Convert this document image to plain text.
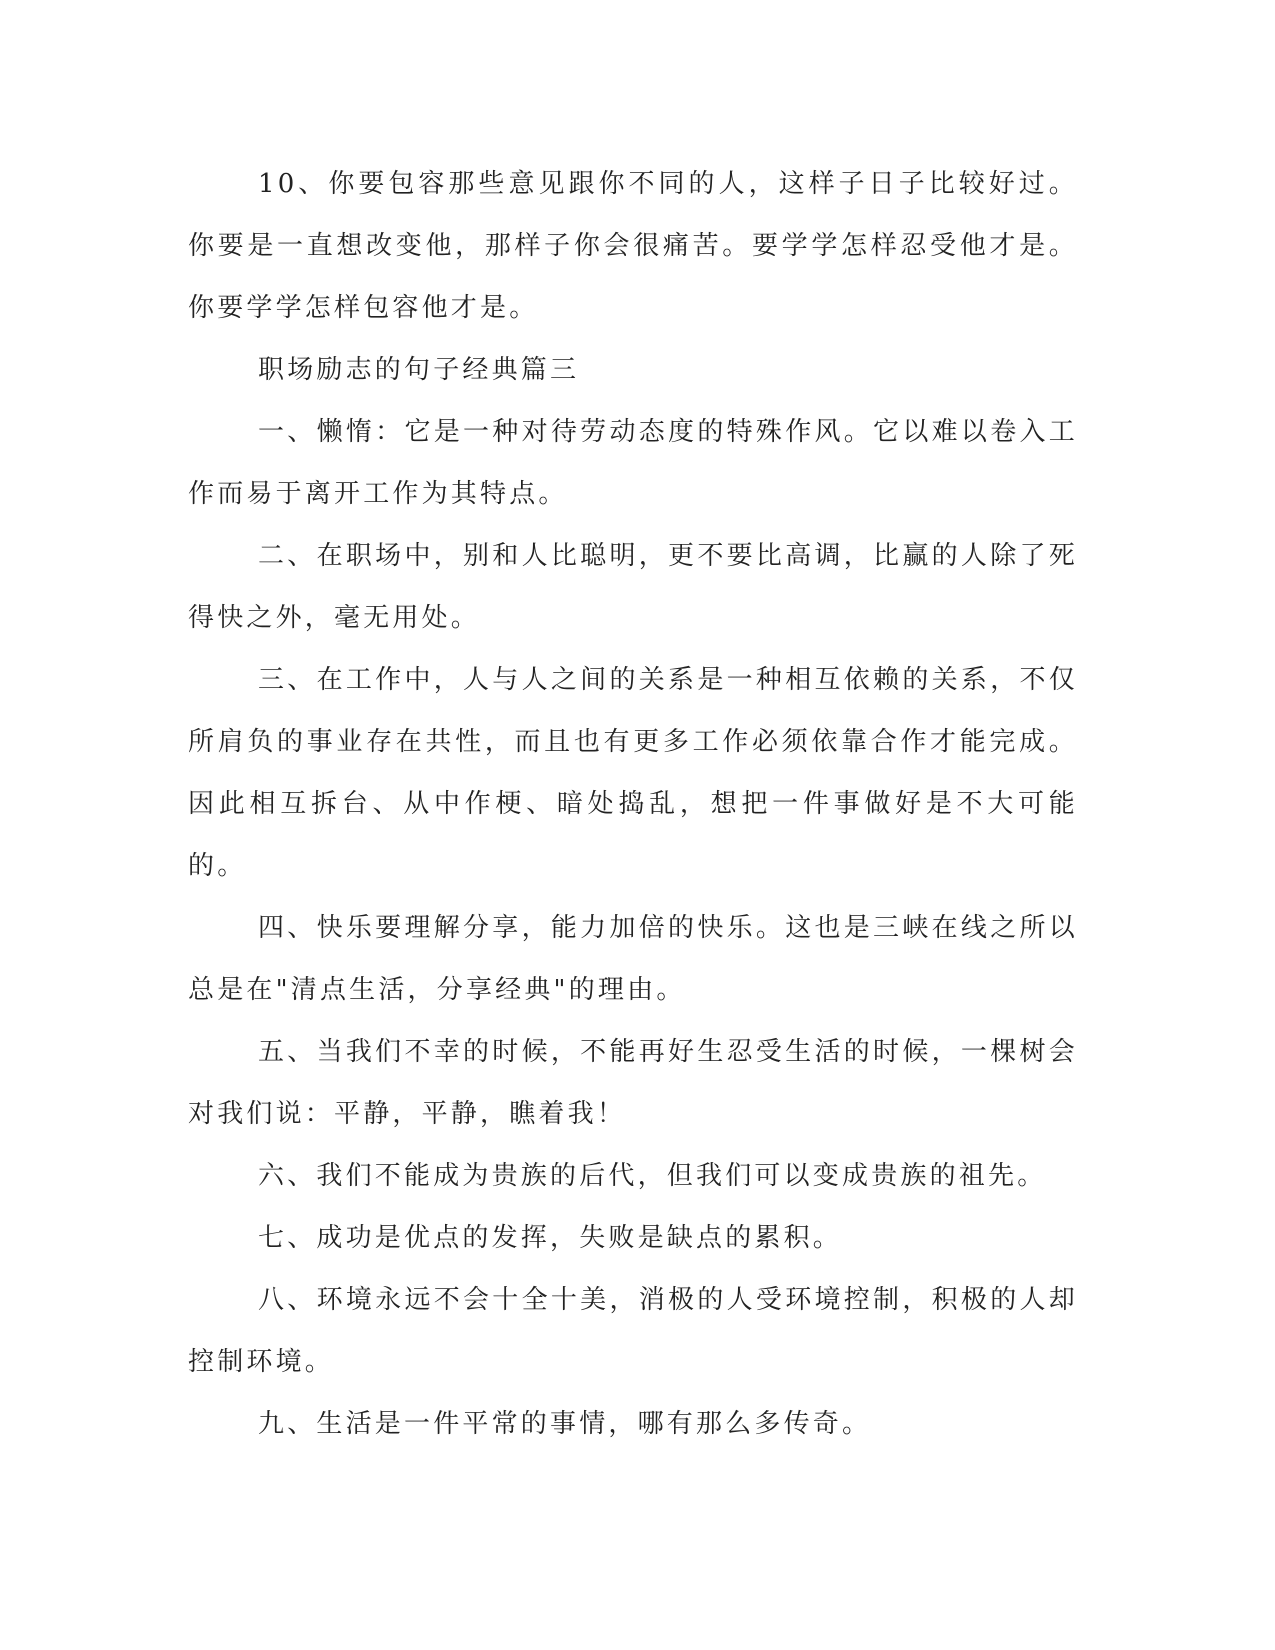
10、你要包容那些意见跟你不同的人，这样子日子比较好过。你要是一直想改变他，那样子你会很痛苦。要学学怎样忍受他才是。你要学学怎样包容他才是。

职场励志的句子经典篇三

一、懒惰：它是一种对待劳动态度的特殊作风。它以难以卷入工作而易于离开工作为其特点。

二、在职场中，别和人比聪明，更不要比高调，比赢的人除了死得快之外，毫无用处。

三、在工作中，人与人之间的关系是一种相互依赖的关系，不仅所肩负的事业存在共性，而且也有更多工作必须依靠合作才能完成。因此相互拆台、从中作梗、暗处捣乱，想把一件事做好是不大可能的。

四、快乐要理解分享，能力加倍的快乐。这也是三峡在线之所以总是在"清点生活，分享经典"的理由。

五、当我们不幸的时候，不能再好生忍受生活的时候，一棵树会对我们说：平静，平静，瞧着我！

六、我们不能成为贵族的后代，但我们可以变成贵族的祖先。

七、成功是优点的发挥，失败是缺点的累积。

八、环境永远不会十全十美，消极的人受环境控制，积极的人却控制环境。

九、生活是一件平常的事情，哪有那么多传奇。
